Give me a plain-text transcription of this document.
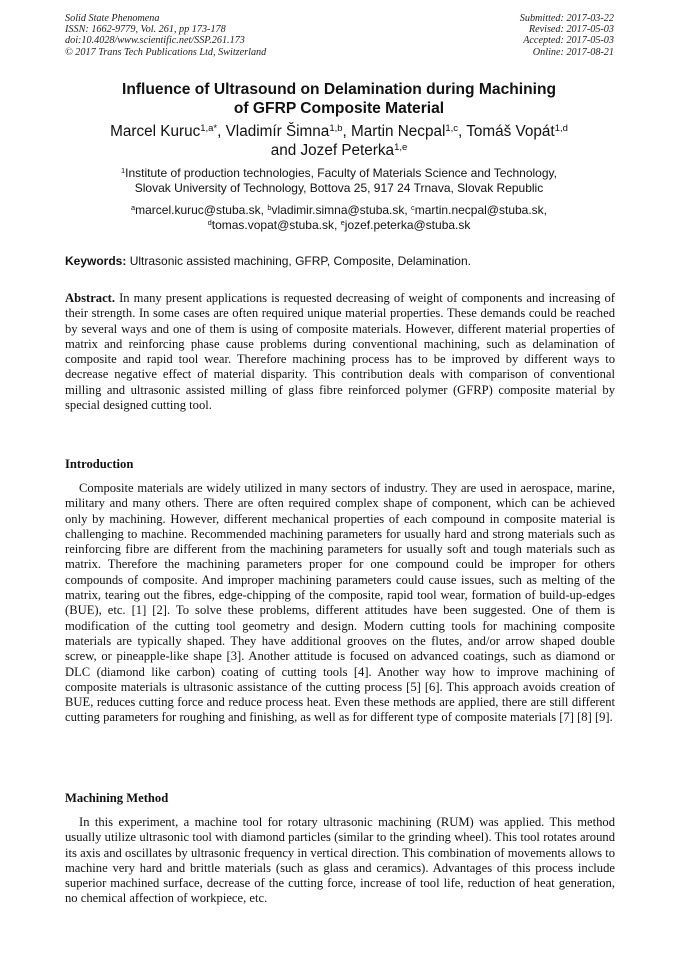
Solid State Phenomena
ISSN: 1662-9779, Vol. 261, pp 173-178
doi:10.4028/www.scientific.net/SSP.261.173
© 2017 Trans Tech Publications Ltd, Switzerland
Submitted: 2017-03-22
Revised: 2017-05-03
Accepted: 2017-05-03
Online: 2017-08-21
Influence of Ultrasound on Delamination during Machining
of GFRP Composite Material
Marcel Kuruc$^{1,a*}$, Vladimír Šimna$^{1,b}$, Martin Necpal$^{1,c}$, Tomáš Vopát$^{1,d}$
and Jozef Peterka$^{1,e}$
$^1$Institute of production technologies, Faculty of Materials Science and Technology,
Slovak University of Technology, Bottova 25, 917 24 Trnava, Slovak Republic
$^a$marcel.kuruc@stuba.sk, $^b$vladimir.simna@stuba.sk, $^c$martin.necpal@stuba.sk,
$^d$tomas.vopat@stuba.sk, $^e$jozef.peterka@stuba.sk
Keywords: Ultrasonic assisted machining, GFRP, Composite, Delamination.
Abstract. In many present applications is requested decreasing of weight of components and increasing of their strength. In some cases are often required unique material properties. These demands could be reached by several ways and one of them is using of composite materials. However, different material properties of matrix and reinforcing phase cause problems during conventional machining, such as delamination of composite and rapid tool wear. Therefore machining process has to be improved by different ways to decrease negative effect of material disparity. This contribution deals with comparison of conventional milling and ultrasonic assisted milling of glass fibre reinforced polymer (GFRP) composite material by special designed cutting tool.
Introduction
Composite materials are widely utilized in many sectors of industry. They are used in aerospace, marine, military and many others. There are often required complex shape of component, which can be achieved only by machining. However, different mechanical properties of each compound in composite material is challenging to machine. Recommended machining parameters for usually hard and strong materials such as reinforcing fibre are different from the machining parameters for usually soft and tough materials such as matrix. Therefore the machining parameters proper for one compound could be improper for others compounds of composite. And improper machining parameters could cause issues, such as melting of the matrix, tearing out the fibres, edge-chipping of the composite, rapid tool wear, formation of build-up-edges (BUE), etc. [1] [2]. To solve these problems, different attitudes have been suggested. One of them is modification of the cutting tool geometry and design. Modern cutting tools for machining composite materials are typically shaped. They have additional grooves on the flutes, and/or arrow shaped double screw, or pineapple-like shape [3]. Another attitude is focused on advanced coatings, such as diamond or DLC (diamond like carbon) coating of cutting tools [4]. Another way how to improve machining of composite materials is ultrasonic assistance of the cutting process [5] [6]. This approach avoids creation of BUE, reduces cutting force and reduce process heat. Even these methods are applied, there are still different cutting parameters for roughing and finishing, as well as for different type of composite materials [7] [8] [9].
Machining Method
In this experiment, a machine tool for rotary ultrasonic machining (RUM) was applied. This method usually utilize ultrasonic tool with diamond particles (similar to the grinding wheel). This tool rotates around its axis and oscillates by ultrasonic frequency in vertical direction. This combination of movements allows to machine very hard and brittle materials (such as glass and ceramics). Advantages of this process include superior machined surface, decrease of the cutting force, increase of tool life, reduction of heat generation, no chemical affection of workpiece, etc.
